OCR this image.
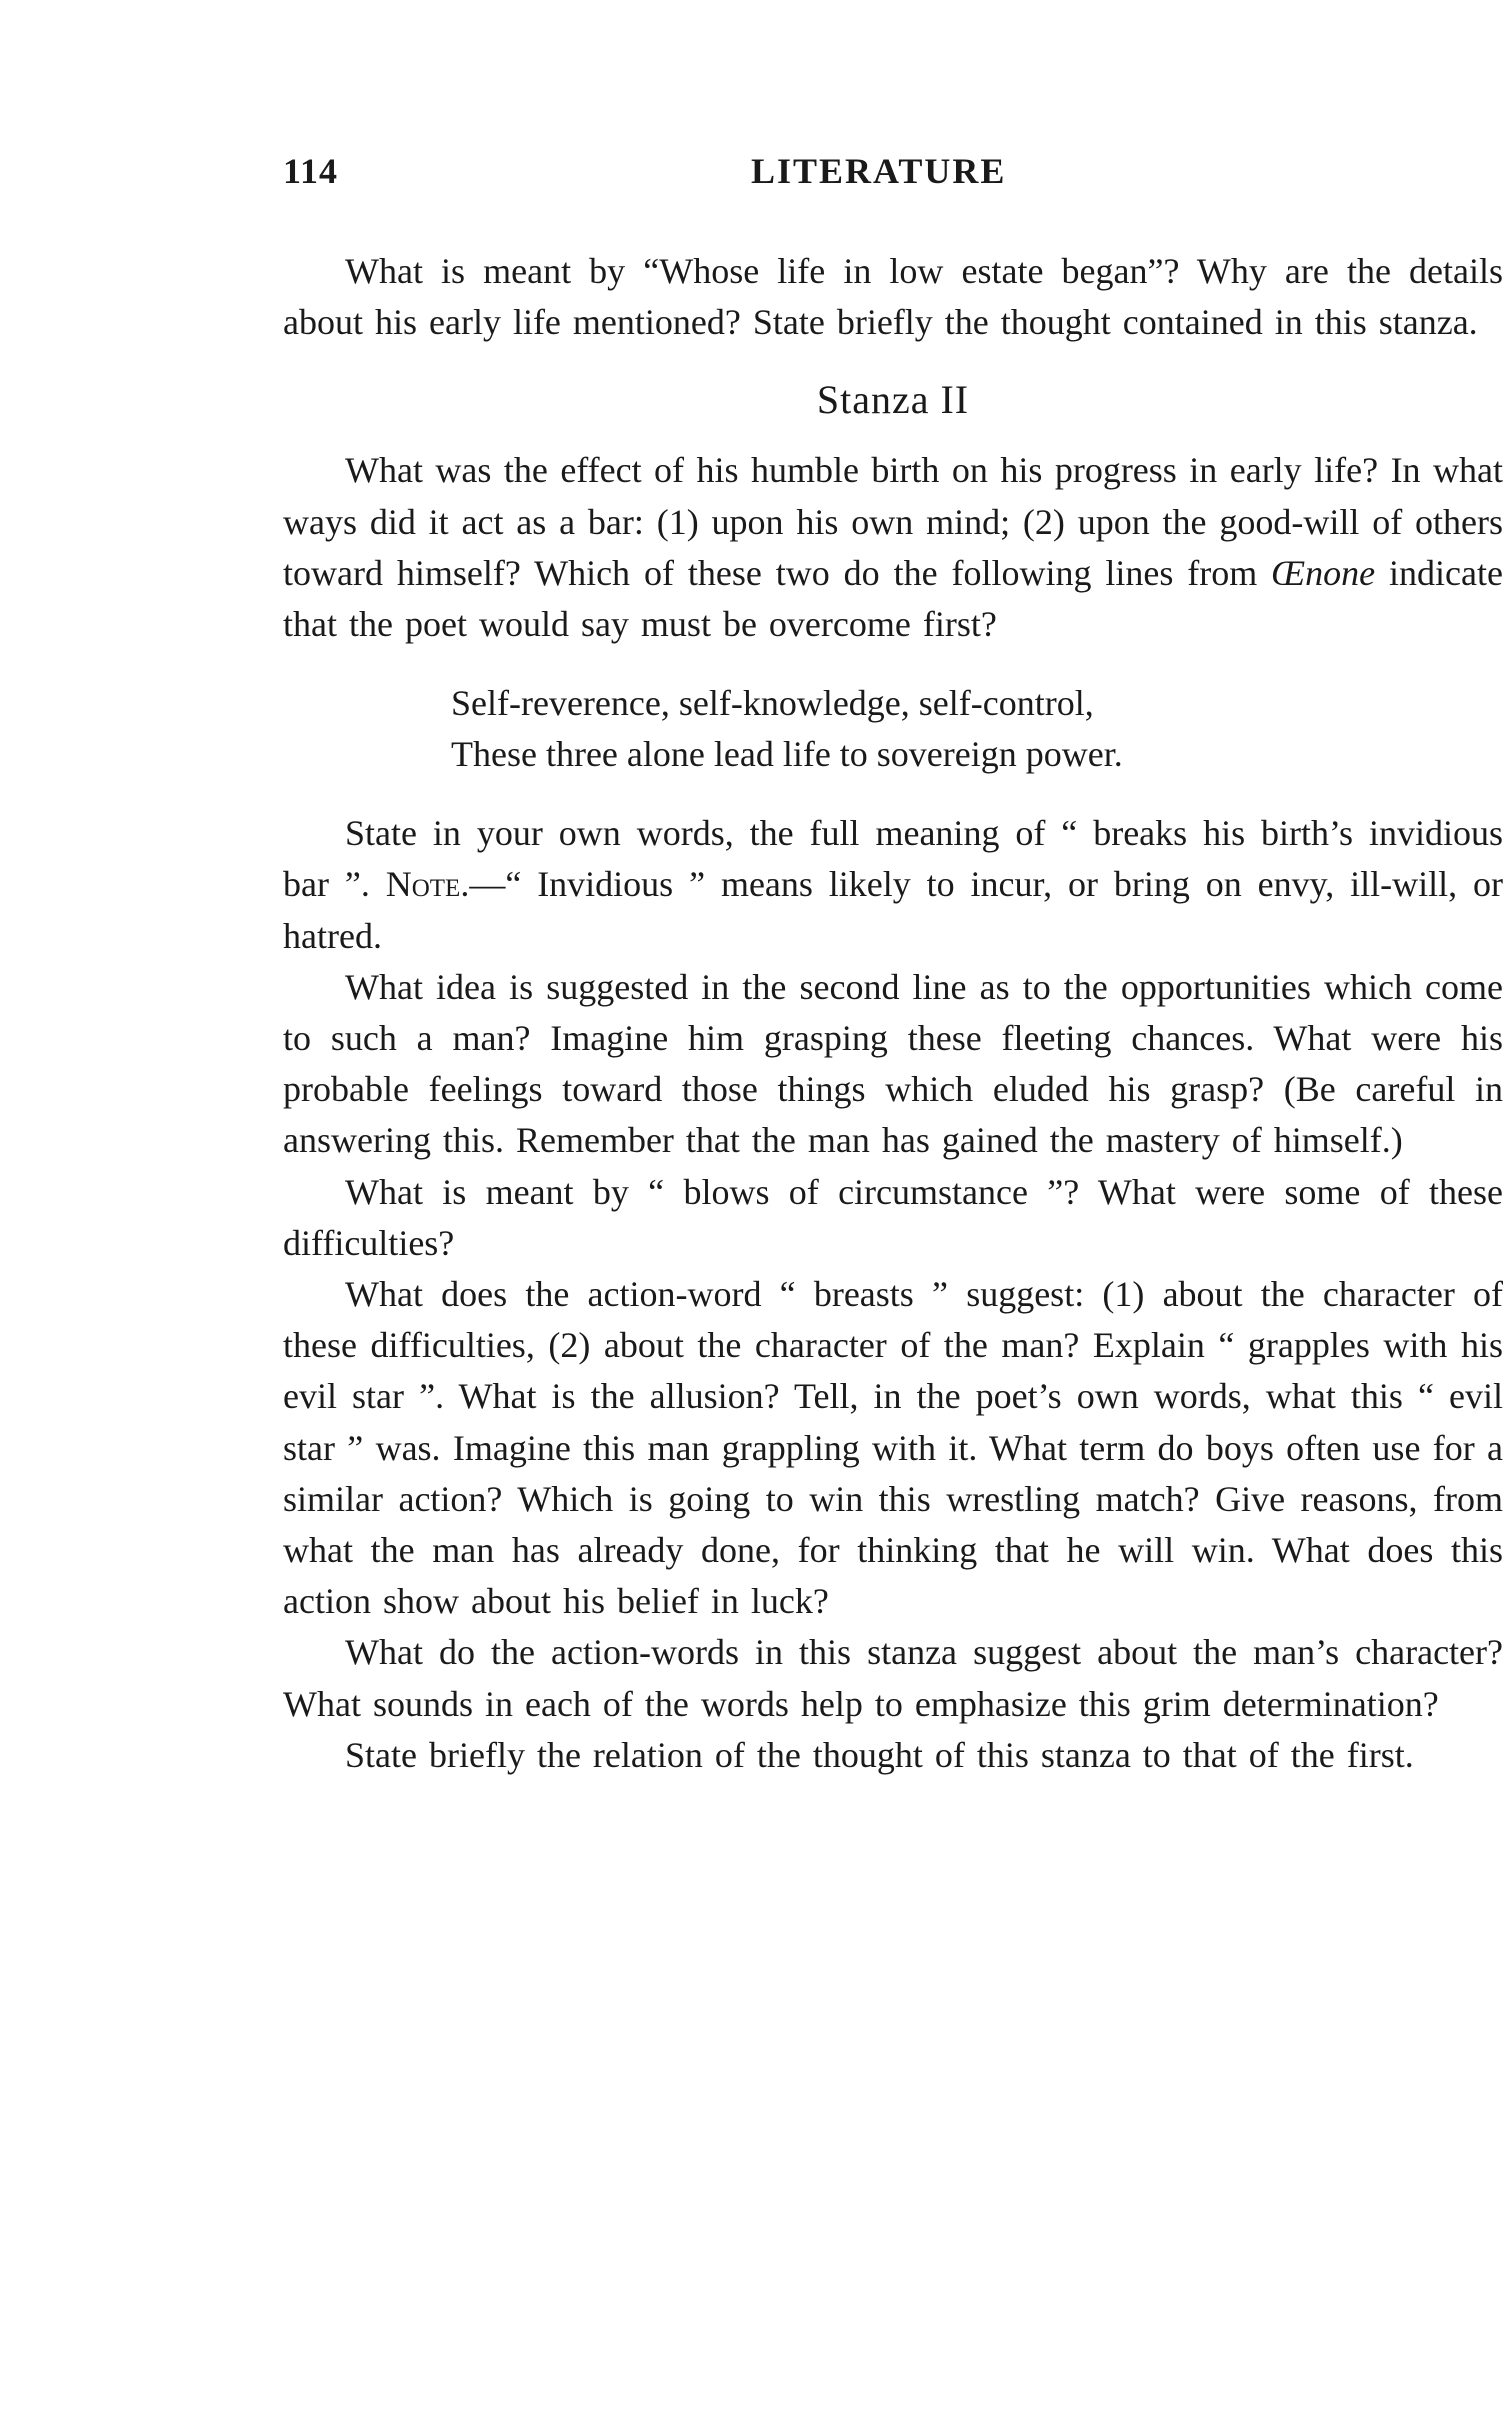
114	LITERATURE

What is meant by “Whose life in low estate began”? Why are the details about his early life mentioned? State briefly the thought contained in this stanza.

Stanza II

What was the effect of his humble birth on his progress in early life? In what ways did it act as a bar: (1) upon his own mind; (2) upon the good-will of others toward himself? Which of these two do the following lines from Œnone indicate that the poet would say must be overcome first?

Self-reverence, self-knowledge, self-control,
These three alone lead life to sovereign power.

State in your own words, the full meaning of “ breaks his birth’s invidious bar ”. Note.—“ Invidious ” means likely to incur, or bring on envy, ill-will, or hatred.

What idea is suggested in the second line as to the opportunities which come to such a man? Imagine him grasping these fleeting chances. What were his probable feelings toward those things which eluded his grasp? (Be careful in answering this. Remember that the man has gained the mastery of himself.)

What is meant by “ blows of circumstance ”? What were some of these difficulties?

What does the action-word “ breasts ” suggest: (1) about the character of these difficulties, (2) about the character of the man? Explain “ grapples with his evil star ”. What is the allusion? Tell, in the poet’s own words, what this “ evil star ” was. Imagine this man grappling with it. What term do boys often use for a similar action? Which is going to win this wrestling match? Give reasons, from what the man has already done, for thinking that he will win. What does this action show about his belief in luck?

What do the action-words in this stanza suggest about the man’s character? What sounds in each of the words help to emphasize this grim determination?

State briefly the relation of the thought of this stanza to that of the first.
